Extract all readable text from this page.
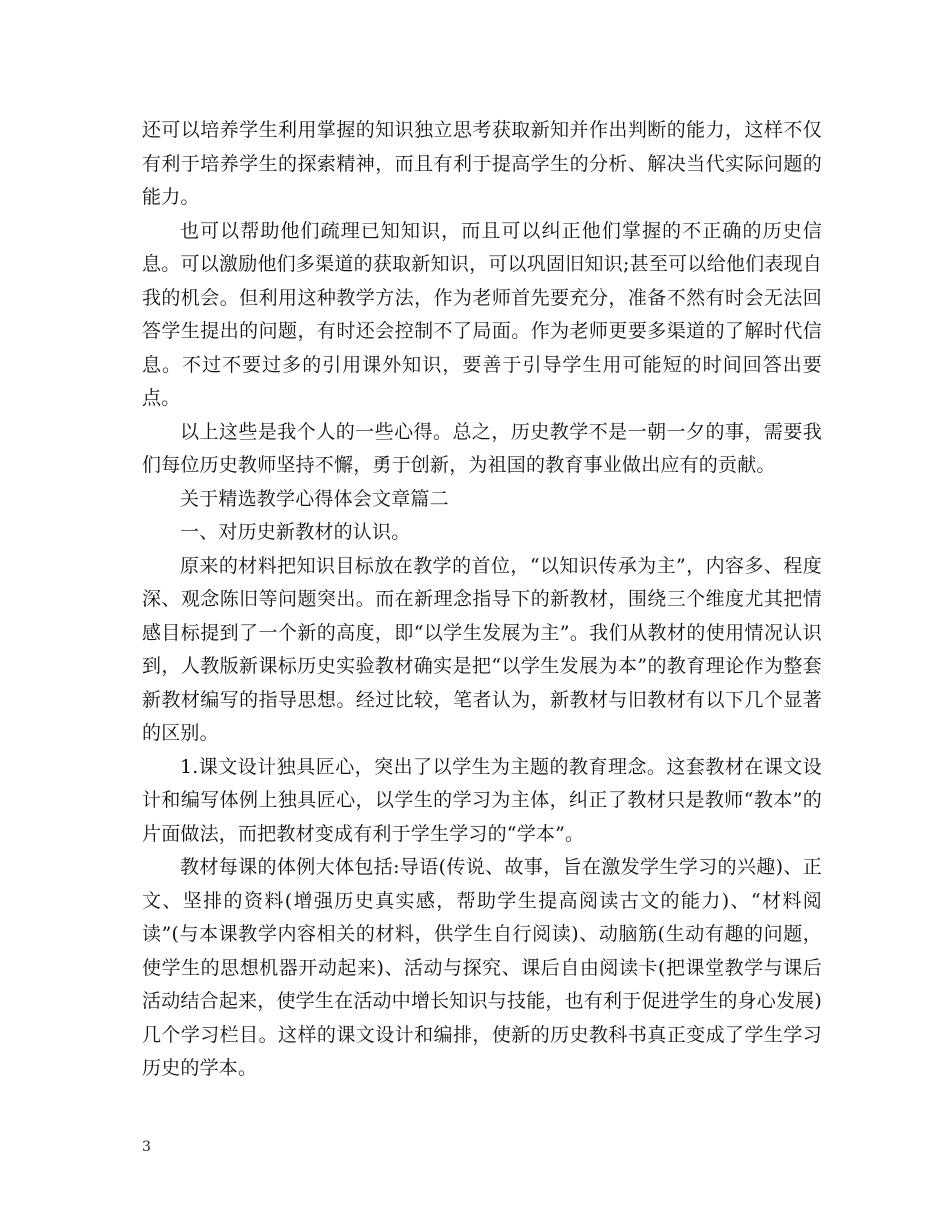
还可以培养学生利用掌握的知识独立思考获取新知并作出判断的能力，这样不仅有利于培养学生的探索精神，而且有利于提高学生的分析、解决当代实际问题的能力。

也可以帮助他们疏理已知知识，而且可以纠正他们掌握的不正确的历史信息。可以激励他们多渠道的获取新知识，可以巩固旧知识;甚至可以给他们表现自我的机会。但利用这种教学方法，作为老师首先要充分，准备不然有时会无法回答学生提出的问题，有时还会控制不了局面。作为老师更要多渠道的了解时代信息。不过不要过多的引用课外知识，要善于引导学生用可能短的时间回答出要点。

以上这些是我个人的一些心得。总之，历史教学不是一朝一夕的事，需要我们每位历史教师坚持不懈，勇于创新，为祖国的教育事业做出应有的贡献。

关于精选教学心得体会文章篇二

一、对历史新教材的认识。

原来的材料把知识目标放在教学的首位，“以知识传承为主”，内容多、程度深、观念陈旧等问题突出。而在新理念指导下的新教材，围绕三个维度尤其把情感目标提到了一个新的高度，即“以学生发展为主”。我们从教材的使用情况认识到，人教版新课标历史实验教材确实是把“以学生发展为本”的教育理论作为整套新教材编写的指导思想。经过比较，笔者认为，新教材与旧教材有以下几个显著的区别。

1.课文设计独具匠心，突出了以学生为主题的教育理念。这套教材在课文设计和编写体例上独具匠心，以学生的学习为主体，纠正了教材只是教师“教本”的片面做法，而把教材变成有利于学生学习的“学本”。

教材每课的体例大体包括:导语(传说、故事，旨在激发学生学习的兴趣)、正文、坚排的资料(增强历史真实感，帮助学生提高阅读古文的能力)、“材料阅读”(与本课教学内容相关的材料，供学生自行阅读)、动脑筋(生动有趣的问题，使学生的思想机器开动起来)、活动与探究、课后自由阅读卡(把课堂教学与课后活动结合起来，使学生在活动中增长知识与技能，也有利于促进学生的身心发展)几个学习栏目。这样的课文设计和编排，使新的历史教科书真正变成了学生学习历史的学本。

3
